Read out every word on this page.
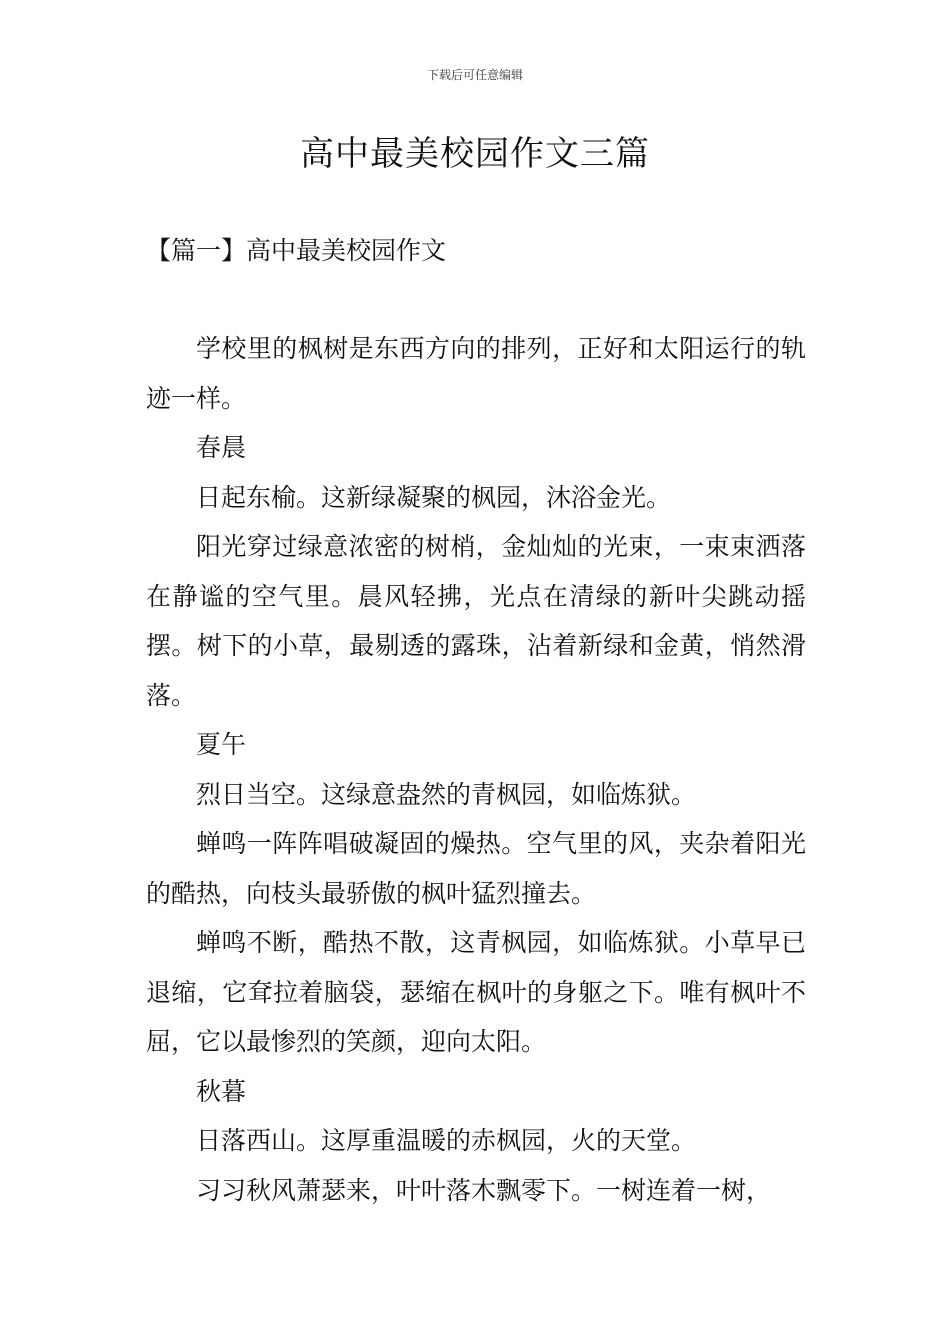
下载后可任意编辑
高中最美校园作文三篇
【篇一】高中最美校园作文

学校里的枫树是东西方向的排列，正好和太阳运行的轨迹一样。

春晨

日起东榆。这新绿凝聚的枫园，沐浴金光。

阳光穿过绿意浓密的树梢，金灿灿的光束，一束束洒落在静谧的空气里。晨风轻拂，光点在清绿的新叶尖跳动摇摆。树下的小草，最剔透的露珠，沾着新绿和金黄，悄然滑落。

夏午

烈日当空。这绿意盎然的青枫园，如临炼狱。

蝉鸣一阵阵唱破凝固的燥热。空气里的风，夹杂着阳光的酷热，向枝头最骄傲的枫叶猛烈撞去。

蝉鸣不断，酷热不散，这青枫园，如临炼狱。小草早已退缩，它耷拉着脑袋，瑟缩在枫叶的身躯之下。唯有枫叶不屈，它以最惨烈的笑颜，迎向太阳。

秋暮

日落西山。这厚重温暖的赤枫园，火的天堂。

习习秋风萧瑟来，叶叶落木飘零下。一树连着一树，
